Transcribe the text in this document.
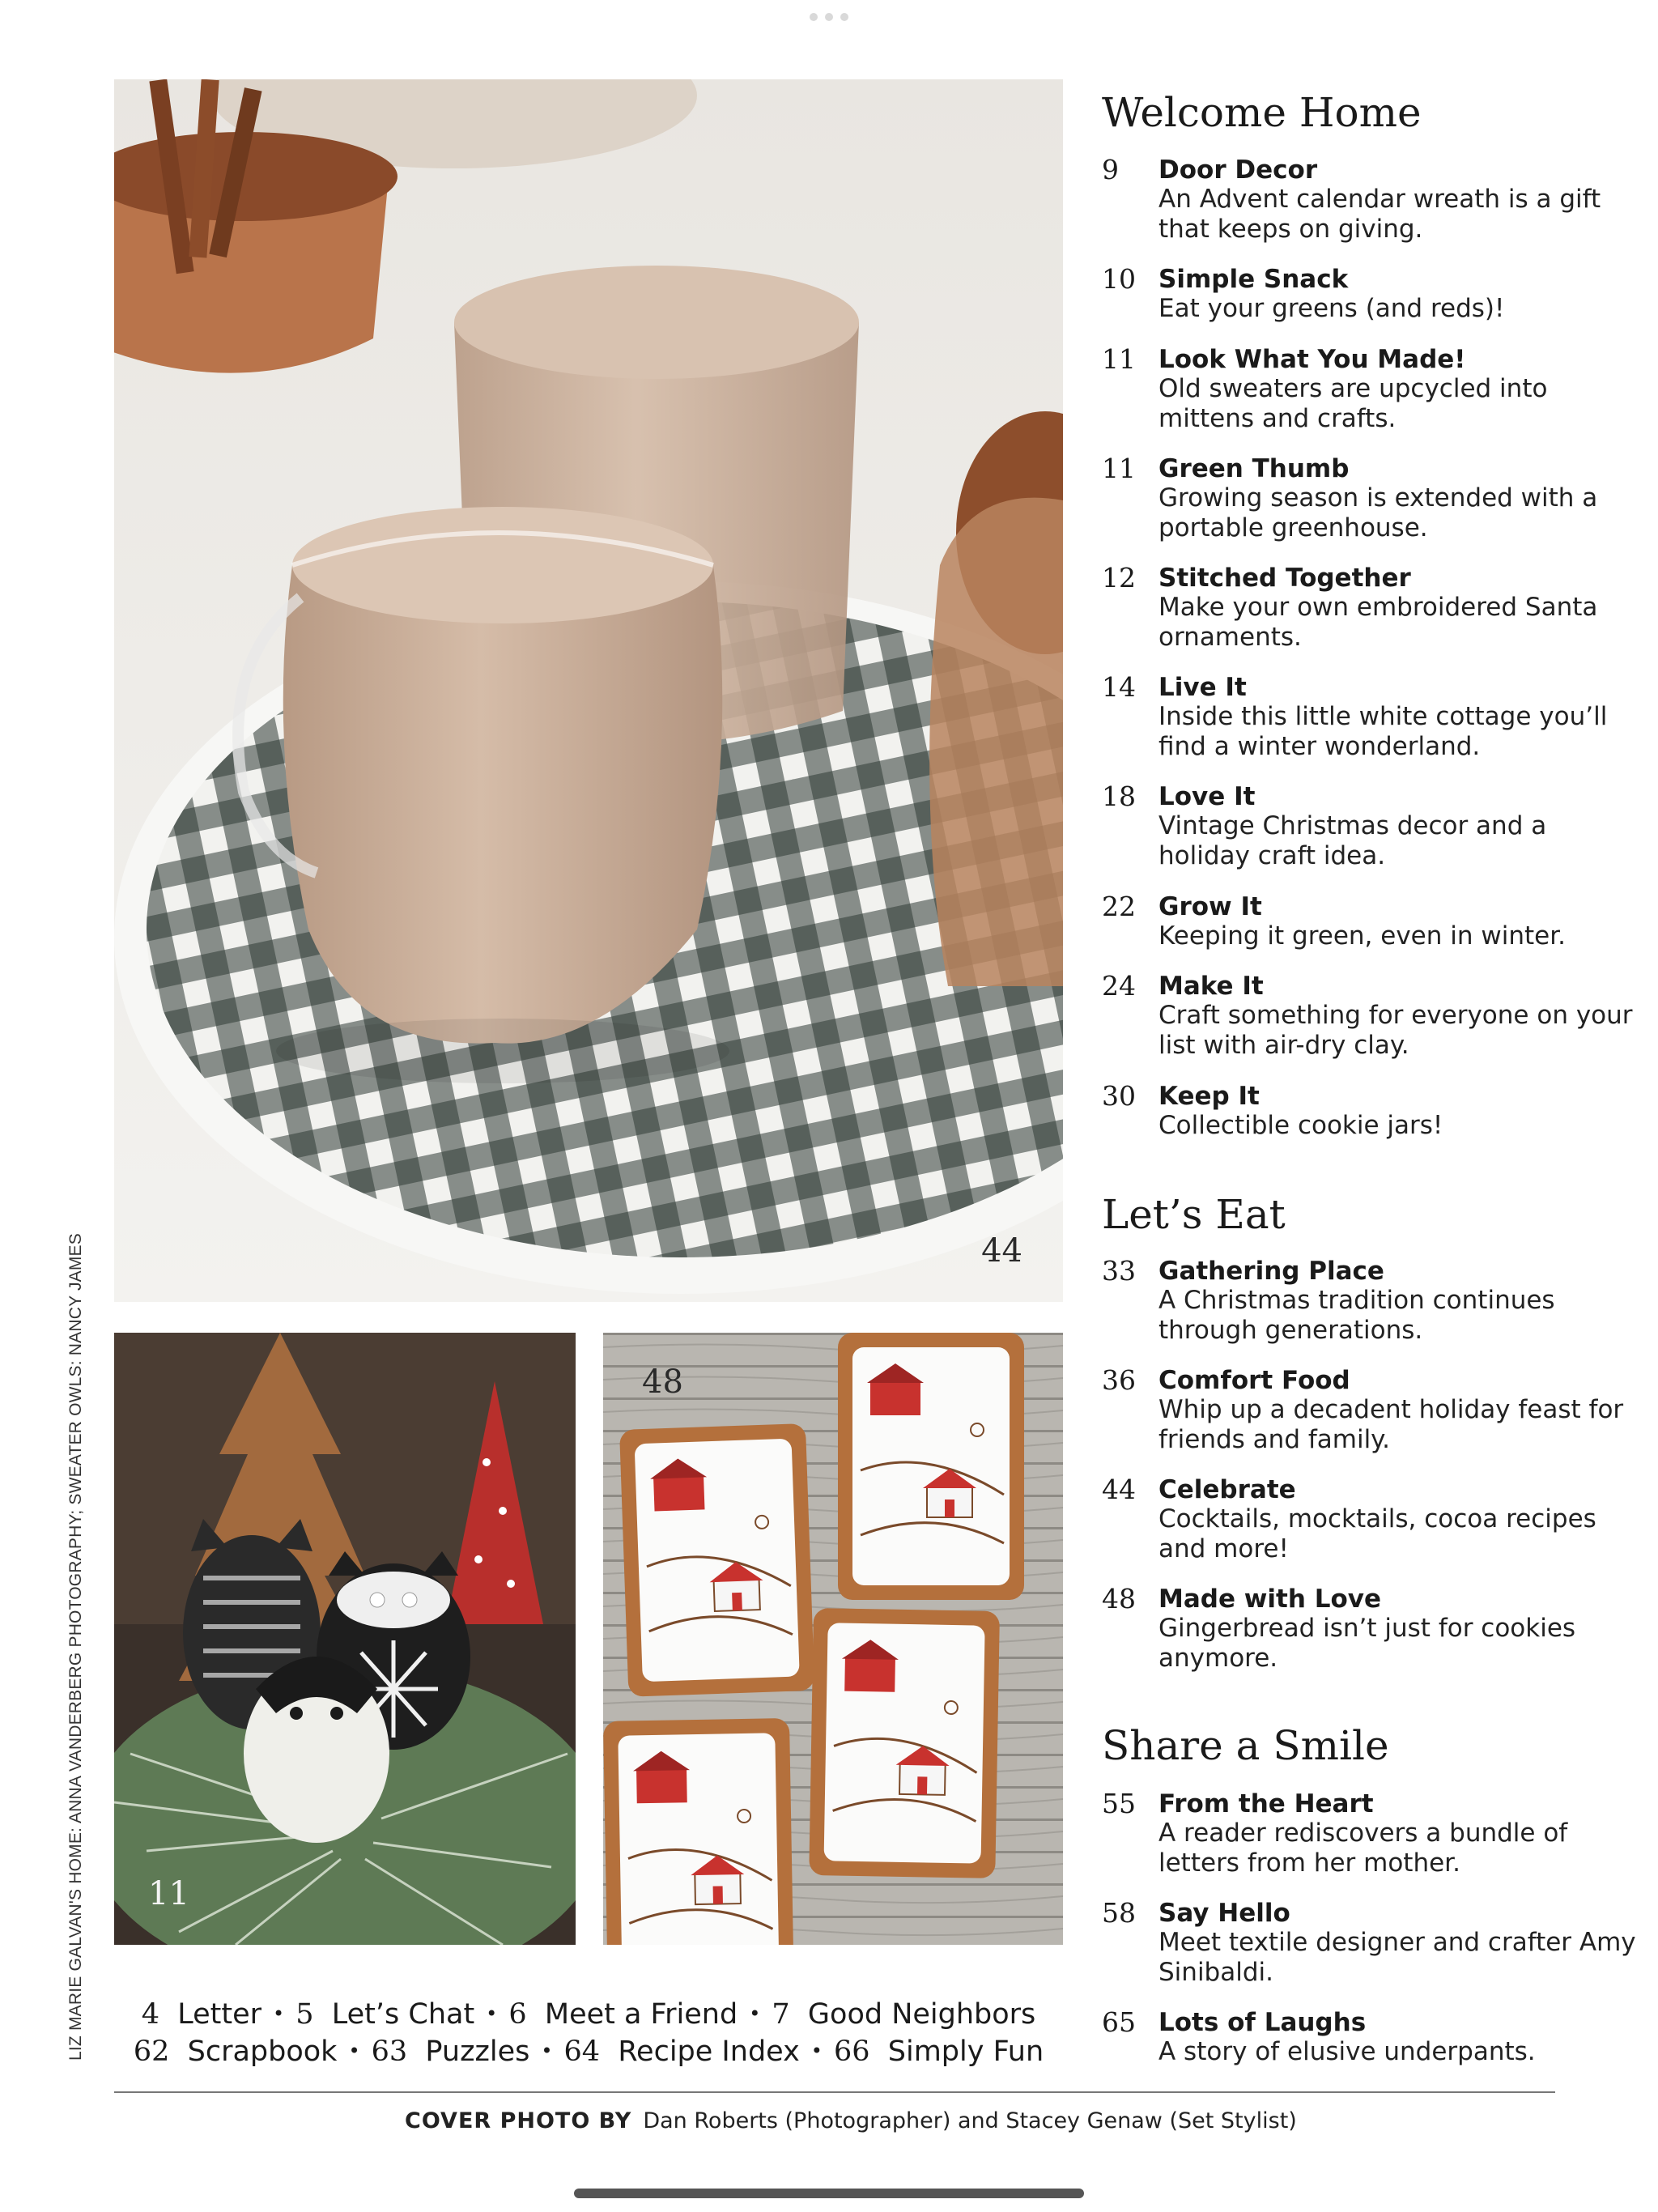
44
11
48
LIZ MARIE GALVAN'S HOME: ANNA VANDERBERG PHOTOGRAPHY; SWEATER OWLS: NANCY JAMES
Welcome Home
9 Door Decor
An Advent calendar wreath is a gift that keeps on giving.
10 Simple Snack
Eat your greens (and reds)!
11 Look What You Made!
Old sweaters are upcycled into mittens and crafts.
11 Green Thumb
Growing season is extended with a portable greenhouse.
12 Stitched Together
Make your own embroidered Santa ornaments.
14 Live It
Inside this little white cottage you’ll find a winter wonderland.
18 Love It
Vintage Christmas decor and a holiday craft idea.
22 Grow It
Keeping it green, even in winter.
24 Make It
Craft something for everyone on your list with air-dry clay.
30 Keep It
Collectible cookie jars!
Let’s Eat
33 Gathering Place
A Christmas tradition continues through generations.
36 Comfort Food
Whip up a decadent holiday feast for friends and family.
44 Celebrate
Cocktails, mocktails, cocoa recipes and more!
48 Made with Love
Gingerbread isn’t just for cookies anymore.
Share a Smile
55 From the Heart
A reader rediscovers a bundle of letters from her mother.
58 Say Hello
Meet textile designer and crafter Amy Sinibaldi.
65 Lots of Laughs
A story of elusive underpants.
4 Letter • 5 Let’s Chat • 6 Meet a Friend • 7 Good Neighbors
62 Scrapbook • 63 Puzzles • 64 Recipe Index • 66 Simply Fun
COVER PHOTO BY Dan Roberts (Photographer) and Stacey Genaw (Set Stylist)
